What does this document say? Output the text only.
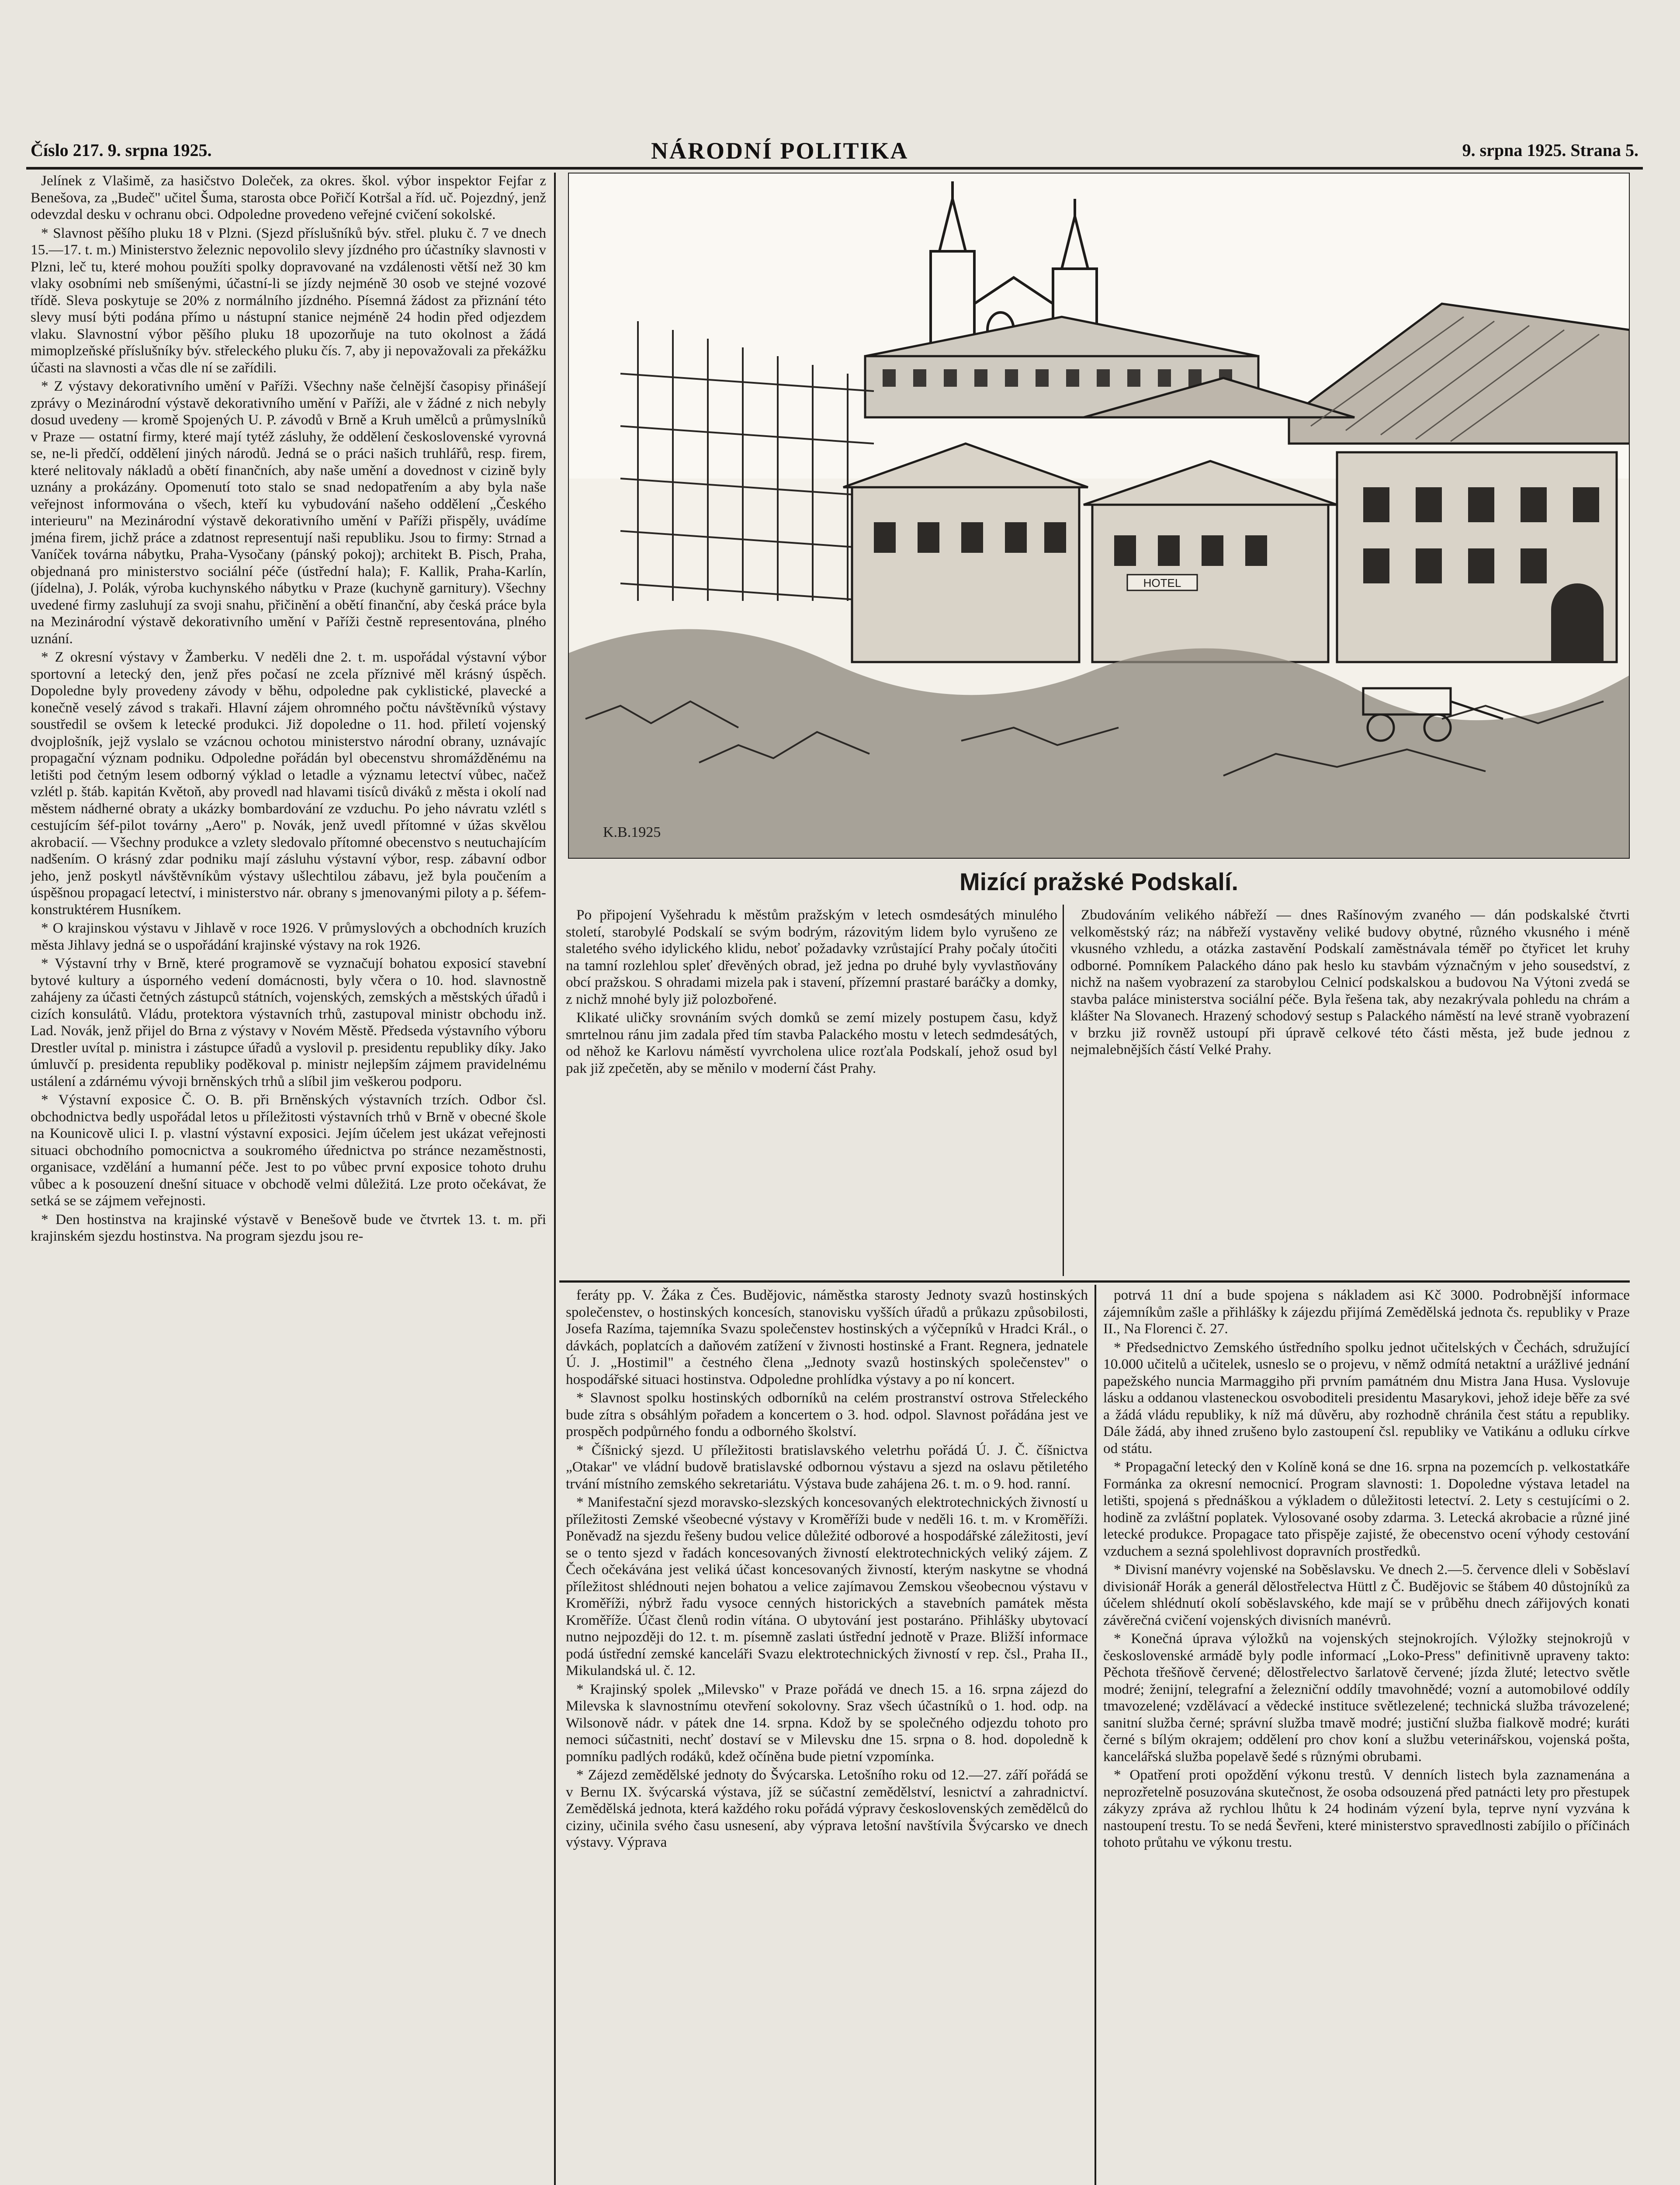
Číslo 217. 9. srpna 1925.	NÁRODNÍ POLITIKA	9. srpna 1925. Strana 5.

Jelínek z Vlašimě, za hasičstvo Doleček, za okres. škol. výbor inspektor Fejfar z Benešova, za „Budeč" učitel Šuma, starosta obce Pořičí Kotršal a říd. uč. Pojezdný, jenž odevzdal desku v ochranu obci. Odpoledne provedeno veřejné cvičení sokolské.

* Slavnost pěšího pluku 18 v Plzni. (Sjezd příslušníků býv. střel. pluku č. 7 ve dnech 15.—17. t. m.) Ministerstvo železnic nepovolilo slevy jízdného pro účastníky slavnosti v Plzni, leč tu, které mohou použíti spolky dopravované na vzdálenosti větší než 30 km vlaky osobními neb smíšenými, účastní-li se jízdy nejméně 30 osob ve stejné vozové třídě. Sleva poskytuje se 20% z normálního jízdného. Písemná žádost za přiznání této slevy musí býti podána přímo u nástupní stanice nejméně 24 hodin před odjezdem vlaku. Slavnostní výbor pěšího pluku 18 upozorňuje na tuto okolnost a žádá mimoplzeňské příslušníky býv. střeleckého pluku čís. 7, aby ji nepovažovali za překážku účasti na slavnosti a včas dle ní se zařídili.

* Z výstavy dekorativního umění v Paříži. Všechny naše čelnější časopisy přinášejí zprávy o Mezinárodní výstavě dekorativního umění v Paříži, ale v žádné z nich nebyly dosud uvedeny — kromě Spojených U. P. závodů v Brně a Kruh umělců a průmyslníků v Praze — ostatní firmy, které mají tytéž zásluhy, že oddělení československé vyrovná se, ne-li předčí, oddělení jiných národů. Jedná se o práci našich truhlářů, resp. firem, které nelitovaly nákladů a obětí finančních, aby naše umění a dovednost v cizině byly uznány a prokázány. Opomenutí toto stalo se snad nedopatřením a aby byla naše veřejnost informována o všech, kteří ku vybudování našeho oddělení „Českého interieuru" na Mezinárodní výstavě dekorativního umění v Paříži přispěly, uvádíme jména firem, jichž práce a zdatnost representují naši republiku. Jsou to firmy: Strnad a Vaníček továrna nábytku, Praha-Vysočany (pánský pokoj); architekt B. Pisch, Praha, objednaná pro ministerstvo sociální péče (ústřední hala); F. Kallik, Praha-Karlín, (jídelna), J. Polák, výroba kuchynského nábytku v Praze (kuchyně garnitury). Všechny uvedené firmy zasluhují za svoji snahu, přičinění a obětí finanční, aby česká práce byla na Mezinárodní výstavě dekorativního umění v Paříži čestně representována, plného uznání.

* Z okresní výstavy v Žamberku. V neděli dne 2. t. m. uspořádal výstavní výbor sportovní a letecký den, jenž přes počasí ne zcela příznivé měl krásný úspěch. Dopoledne byly provedeny závody v běhu, odpoledne pak cyklistické, plavecké a konečně veselý závod s trakaři. Hlavní zájem ohromného počtu návštěvníků výstavy soustředil se ovšem k letecké produkci. Již dopoledne o 11. hod. přiletí vojenský dvojplošník, jejž vyslalo se vzácnou ochotou ministerstvo národní obrany, uznávajíc propagační význam podniku. Odpoledne pořádán byl obecenstvu shromážděnému na letišti pod četným lesem odborný výklad o letadle a významu letectví vůbec, načež vzlétl p. štáb. kapitán Květoň, aby provedl nad hlavami tisíců diváků z města i okolí nad městem nádherné obraty a ukázky bombardování ze vzduchu. Po jeho návratu vzlétl s cestujícím šéf-pilot továrny „Aero" p. Novák, jenž uvedl přítomné v úžas skvělou akrobacií. — Všechny produkce a vzlety sledovalo přítomné obecenstvo s neutuchajícím nadšením. O krásný zdar podniku mají zásluhu výstavní výbor, resp. zábavní odbor jeho, jenž poskytl návštěvníkům výstavy ušlechtilou zábavu, jež byla poučením a úspěšnou propagací letectví, i ministerstvo nár. obrany s jmenovanými piloty a p. šéfem-konstruktérem Husníkem.

* O krajinskou výstavu v Jihlavě v roce 1926. V průmyslových a obchodních kruzích města Jihlavy jedná se o uspořádání krajinské výstavy na rok 1926.

* Výstavní trhy v Brně, které programově se vyznačují bohatou exposicí stavební bytové kultury a úsporného vedení domácnosti, byly včera o 10. hod. slavnostně zahájeny za účasti četných zástupců státních, vojenských, zemských a městských úřadů i cizích konsulátů. Vládu, protektora výstavních trhů, zastupoval ministr obchodu inž. Lad. Novák, jenž přijel do Brna z výstavy v Novém Městě. Předseda výstavního výboru Drestler uvítal p. ministra i zástupce úřadů a vyslovil p. presidentu republiky díky. Jako úmluvčí p. presidenta republiky poděkoval p. ministr nejlepším zájmem pravidelnému ustálení a zdárnému vývoji brněnských trhů a slíbil jim veškerou podporu.

* Výstavní exposice Č. O. B. při Brněnských výstavních trzích. Odbor čsl. obchodnictva bedly uspořádal letos u příležitosti výstavních trhů v Brně v obecné škole na Kounicově ulici I. p. vlastní výstavní exposici. Jejím účelem jest ukázat veřejnosti situaci obchodního pomocnictva a soukromého úřednictva po stránce nezaměstnosti, organisace, vzdělání a humanní péče. Jest to po vůbec první exposice tohoto druhu vůbec a k posouzení dnešní situace v obchodě velmi důležitá. Lze proto očekávat, že setká se se zájmem veřejnosti.

* Den hostinstva na krajinské výstavě v Benešově bude ve čtvrtek 13. t. m. při krajinském sjezdu hostinstva. Na program sjezdu jsou re-

HOTEL
K.B.1925
Mizící pražské Podskalí.

Po připojení Vyšehradu k městům pražským v letech osmdesátých minulého století, starobylé Podskalí se svým bodrým, rázovitým lidem bylo vyrušeno ze staletého svého idylického klidu, neboť požadavky vzrůstající Prahy počaly útočiti na tamní rozlehlou spleť dřevěných obrad, jež jedna po druhé byly vyvlastňovány obcí pražskou. S ohradami mizela pak i stavení, přízemní prastaré baráčky a domky, z nichž mnohé byly již polozbořené.

Klikaté uličky srovnáním svých domků se zemí mizely postupem času, když smrtelnou ránu jim zadala před tím stavba Palackého mostu v letech sedmdesátých, od něhož ke Karlovu náměstí vyvrcholena ulice rozťala Podskalí, jehož osud byl pak již zpečetěn, aby se měnilo v moderní část Prahy.

Zbudováním velikého nábřeží — dnes Rašínovým zvaného — dán podskalské čtvrti velkoměstský ráz; na nábřeží vystavěny veliké budovy obytné, různého vkusného i méně vkusného vzhledu, a otázka zastavění Podskalí zaměstnávala téměř po čtyřicet let kruhy odborné. Pomníkem Palackého dáno pak heslo ku stavbám význačným v jeho sousedství, z nichž na našem vyobrazení za starobylou Celnicí podskalskou a budovou Na Výtoni zvedá se stavba paláce ministerstva sociální péče. Byla řešena tak, aby nezakrývala pohledu na chrám a klášter Na Slovanech. Hrazený schodový sestup s Palackého náměstí na levé straně vyobrazení v brzku již rovněž ustoupí při úpravě celkové této části města, jež bude jednou z nejmalebnějších částí Velké Prahy.

feráty pp. V. Žáka z Čes. Budějovic, náměstka starosty Jednoty svazů hostinských společenstev, o hostinských koncesích, stanovisku vyšších úřadů a průkazu způsobilosti, Josefa Razíma, tajemníka Svazu společenstev hostinských a výčepníků v Hradci Král., o dávkách, poplatcích a daňovém zatížení v živnosti hostinské a Frant. Regnera, jednatele Ú. J. „Hostimil" a čestného člena „Jednoty svazů hostinských společenstev" o hospodářské situaci hostinstva. Odpoledne prohlídka výstavy a po ní koncert.

* Slavnost spolku hostinských odborníků na celém prostranství ostrova Střeleckého bude zítra s obsáhlým pořadem a koncertem o 3. hod. odpol. Slavnost pořádána jest ve prospěch podpůrného fondu a odborného školství.

* Číšnický sjezd. U příležitosti bratislavského veletrhu pořádá Ú. J. Č. číšnictva „Otakar" ve vládní budově bratislavské odbornou výstavu a sjezd na oslavu pětiletého trvání místního zemského sekretariátu. Výstava bude zahájena 26. t. m. o 9. hod. ranní.

* Manifestační sjezd moravsko-slezských koncesovaných elektrotechnických živností u příležitosti Zemské všeobecné výstavy v Kroměříži bude v neděli 16. t. m. v Kroměříži. Poněvadž na sjezdu řešeny budou velice důležité odborové a hospodářské záležitosti, jeví se o tento sjezd v řadách koncesovaných živností elektrotechnických veliký zájem. Z Čech očekávána jest veliká účast koncesovaných živností, kterým naskytne se vhodná příležitost shlédnouti nejen bohatou a velice zajímavou Zemskou všeobecnou výstavu v Kroměříži, nýbrž řadu vysoce cenných historických a stavebních památek města Kroměříže. Účast členů rodin vítána. O ubytování jest postaráno. Přihlášky ubytovací nutno nejpozději do 12. t. m. písemně zaslati ústřední jednotě v Praze. Bližší informace podá ústřední zemské kanceláři Svazu elektrotechnických živností v rep. čsl., Praha II., Mikulandská ul. č. 12.

* Krajinský spolek „Milevsko" v Praze pořádá ve dnech 15. a 16. srpna zájezd do Milevska k slavnostnímu otevření sokolovny. Sraz všech účastníků o 1. hod. odp. na Wilsonově nádr. v pátek dne 14. srpna. Kdož by se společného odjezdu tohoto pro nemoci súčastniti, nechť dostaví se v Milevsku dne 15. srpna o 8. hod. dopoledně k pomníku padlých rodáků, kdež očíněna bude pietní vzpomínka.

* Zájezd zemědělské jednoty do Švýcarska. Letošního roku od 12.—27. září pořádá se v Bernu IX. švýcarská výstava, jíž se súčastní zemědělství, lesnictví a zahradnictví. Zemědělská jednota, která každého roku pořádá výpravy československých zemědělců do ciziny, učinila svého času usnesení, aby výprava letošní navštívila Švýcarsko ve dnech výstavy. Výprava

potrvá 11 dní a bude spojena s nákladem asi Kč 3000. Podrobnější informace zájemníkům zašle a přihlášky k zájezdu přijímá Zemědělská jednota čs. republiky v Praze II., Na Florenci č. 27.

* Předsednictvo Zemského ústředního spolku jednot učitelských v Čechách, sdružující 10.000 učitelů a učitelek, usneslo se o projevu, v němž odmítá netaktní a urážlivé jednání papežského nuncia Marmaggiho při prvním památném dnu Mistra Jana Husa. Vyslovuje lásku a oddanou vlasteneckou osvoboditeli presidentu Masarykovi, jehož ideje běře za své a žádá vládu republiky, k níž má důvěru, aby rozhodně chránila čest státu a republiky. Dále žádá, aby ihned zrušeno bylo zastoupení čsl. republiky ve Vatikánu a odluku církve od státu.

* Propagační letecký den v Kolíně koná se dne 16. srpna na pozemcích p. velkostatkáře Formánka za okresní nemocnicí. Program slavnosti: 1. Dopoledne výstava letadel na letišti, spojená s přednáškou a výkladem o důležitosti letectví. 2. Lety s cestujícími o 2. hodině za zvláštní poplatek. Vylosované osoby zdarma. 3. Letecká akrobacie a různé jiné letecké produkce. Propagace tato přispěje zajisté, že obecenstvo ocení výhody cestování vzduchem a sezná spolehlivost dopravních prostředků.

* Divisní manévry vojenské na Soběslavsku. Ve dnech 2.—5. července dleli v Soběslaví divisionář Horák a generál dělostřelectva Hüttl z Č. Budějovic se štábem 40 důstojníků za účelem shlédnutí okolí soběslavského, kde mají se v průběhu dnech zářijových konati závěrečná cvičení vojenských divisních manévrů.

* Konečná úprava výložků na vojenských stejnokrojích. Výložky stejnokrojů v československé armádě byly podle informací „Loko-Press" definitivně upraveny takto: Pěchota třešňově červené; dělostřelectvo šarlatově červené; jízda žluté; letectvo světle modré; ženijní, telegrafní a železniční oddíly tmavohnědé; vozní a automobilové oddíly tmavozelené; vzdělávací a vědecké instituce světlezelené; technická služba trávozelené; sanitní služba černé; správní služba tmavě modré; justiční služba fialkově modré; kuráti černé s bílým okrajem; oddělení pro chov koní a službu veterinářskou, vojenská pošta, kancelářská služba popelavě šedé s různými obrubami.

* Opatření proti opoždění výkonu trestů. V denních listech byla zaznamenána a neprozřetelně posuzována skutečnost, že osoba odsouzená před patnácti lety pro přestupek zákyzy zpráva až rychlou lhůtu k 24 hodinám výzení byla, teprve nyní vyzvána k nastoupení trestu. To se nedá Ševřeni, které ministerstvo spravedlnosti zabíjilo o příčinách tohoto průtahu ve výkonu trestu.
